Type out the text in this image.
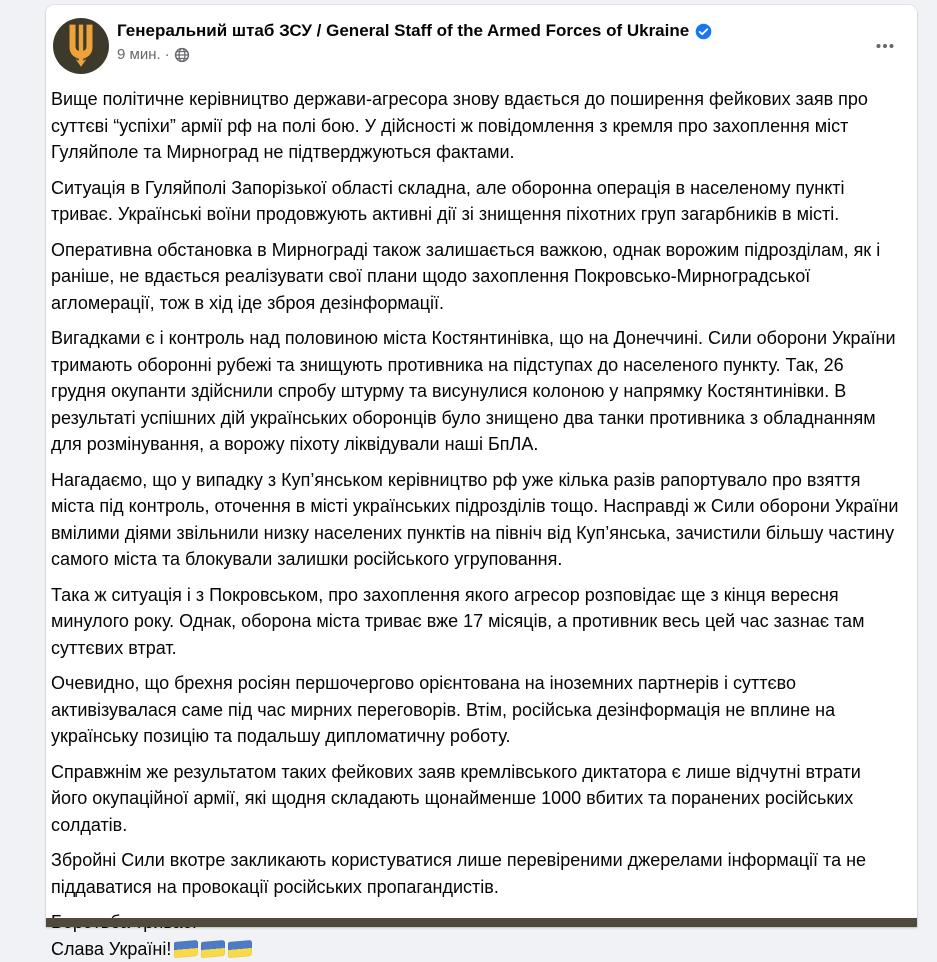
Генеральний штаб ЗСУ / General Staff of the Armed Forces of Ukraine
9 мин. ·

Вище політичне керівництво держави-агресора знову вдається до поширення фейкових заяв про суттєві “успіхи” армії рф на полі бою. У дійсності ж повідомлення з кремля про захоплення міст Гуляйполе та Мирноград не підтверджуються фактами.

Ситуація в Гуляйполі Запорізької області складна, але оборонна операція в населеному пункті триває. Українські воїни продовжують активні дії зі знищення піхотних груп загарбників в місті.

Оперативна обстановка в Мирнограді також залишається важкою, однак ворожим підрозділам, як і раніше, не вдається реалізувати свої плани щодо захоплення Покровсько-Мирноградської агломерації, тож в хід іде зброя дезінформації.

Вигадками є і контроль над половиною міста Костянтинівка, що на Донеччині. Сили оборони України тримають оборонні рубежі та знищують противника на підступах до населеного пункту. Так, 26 грудня окупанти здійснили спробу штурму та висунулися колоною у напрямку Костянтинівки. В результаті успішних дій українських оборонців було знищено два танки противника з обладнанням для розмінування, а ворожу піхоту ліквідували наші БпЛА.

Нагадаємо, що у випадку з Куп’янськом керівництво рф уже кілька разів рапортувало про взяття міста під контроль, оточення в місті українських підрозділів тощо. Насправді ж Сили оборони України вмілими діями звільнили низку населених пунктів на північ від Куп’янська, зачистили більшу частину самого міста та блокували залишки російського угруповання.

Така ж ситуація і з Покровськом, про захоплення якого агресор розповідає ще з кінця вересня минулого року. Однак, оборона міста триває вже 17 місяців, а противник весь цей час зазнає там суттєвих втрат.

Очевидно, що брехня росіян першочергово орієнтована на іноземних партнерів і суттєво активізувалася саме під час мирних переговорів. Втім, російська дезінформація не вплине на українську позицію та подальшу дипломатичну роботу.

Справжнім же результатом таких фейкових заяв кремлівського диктатора є лише відчутні втрати його окупаційної армії, які щодня складають щонайменше 1000 вбитих та поранених російських солдатів.

Збройні Сили вкотре закликають користуватися лише перевіреними джерелами інформації та не піддаватися на провокації російських пропагандистів.

Слава Україні!
